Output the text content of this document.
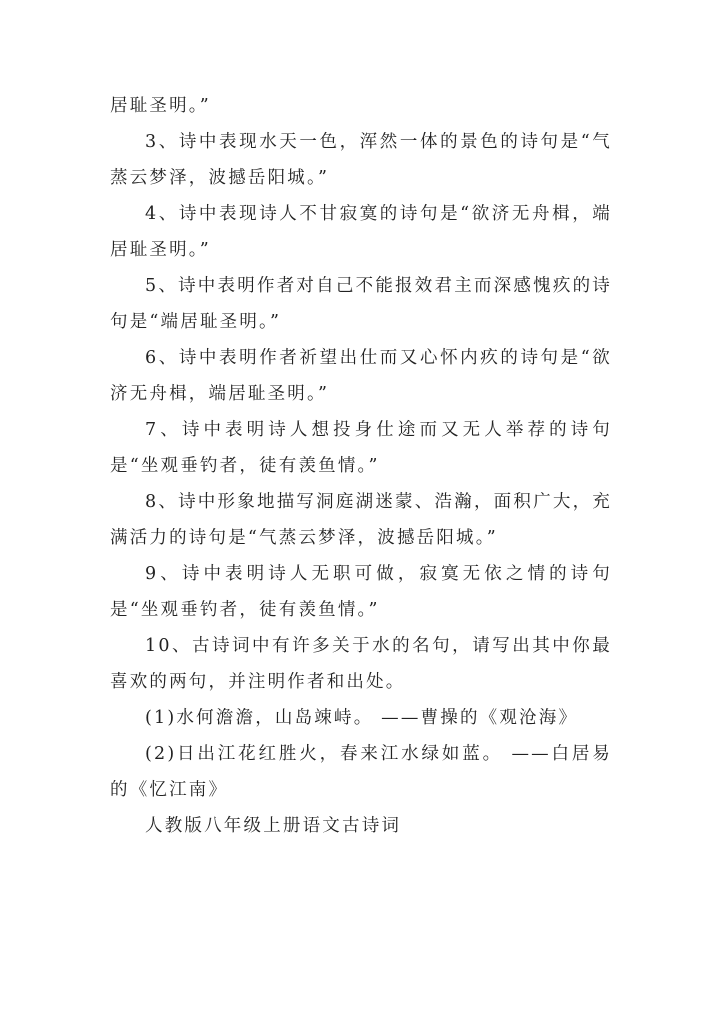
居耻圣明。”

3、诗中表现水天一色，浑然一体的景色的诗句是“气蒸云梦泽，波撼岳阳城。”

4、诗中表现诗人不甘寂寞的诗句是“欲济无舟楫，端居耻圣明。”

5、诗中表明作者对自己不能报效君主而深感愧疚的诗句是“端居耻圣明。”

6、诗中表明作者祈望出仕而又心怀内疚的诗句是“欲济无舟楫，端居耻圣明。”

7、诗中表明诗人想投身仕途而又无人举荐的诗句是“坐观垂钓者，徒有羡鱼情。”

8、诗中形象地描写洞庭湖迷蒙、浩瀚，面积广大，充满活力的诗句是“气蒸云梦泽，波撼岳阳城。”

9、诗中表明诗人无职可做，寂寞无依之情的诗句是“坐观垂钓者，徒有羡鱼情。”

10、古诗词中有许多关于水的名句，请写出其中你最喜欢的两句，并注明作者和出处。

(1)水何澹澹，山岛竦峙。 ——曹操的《观沧海》

(2)日出江花红胜火，春来江水绿如蓝。 ——白居易的《忆江南》

人教版八年级上册语文古诗词
